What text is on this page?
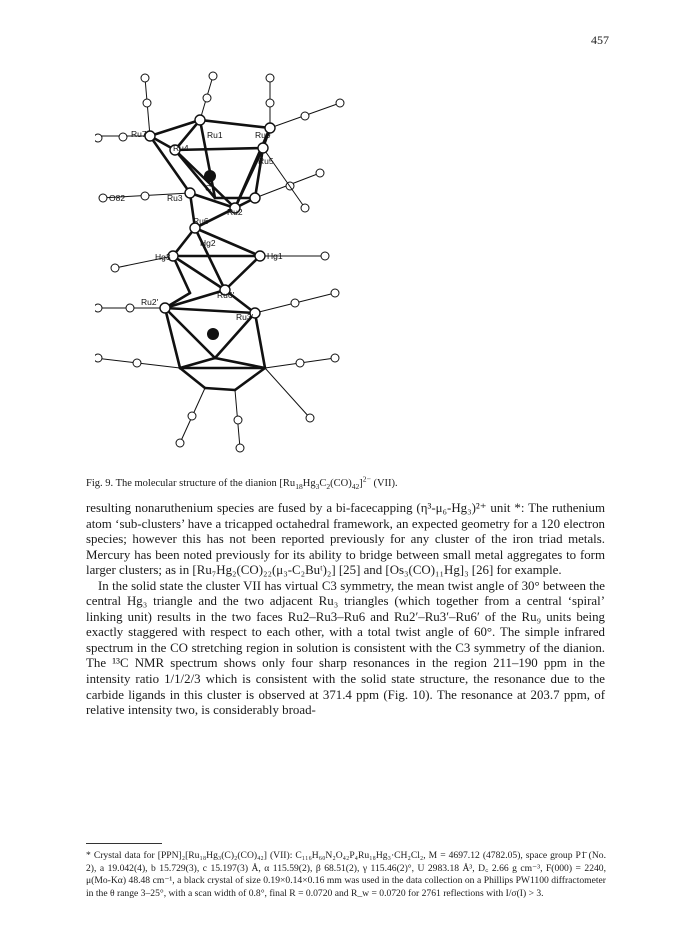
457
Ru7	Ru1	Ru9
Ru4
Ru5
C
O82	Ru3
Ru2
Ru6
Hg2
Hg3	Hg1
Ru6'
Ru2'
Ru3'
Fig. 9. The molecular structure of the dianion $[Ru_{18}Hg_3C_2(CO)_{42}]^{2-}$ (VII).

resulting nonaruthenium species are fused by a bi-facecapping (η³-μ₆-Hg₃)²⁺ unit *: The ruthenium atom ‘sub-clusters’ have a tricapped octahedral framework, an expected geometry for a 120 electron species; however this has not been reported previously for any cluster of the iron triad metals. Mercury has been noted previously for its ability to bridge between small metal aggregates to form larger clusters; as in [Ru₇Hg₂(CO)₂₂(μ₃-C₂Buᵗ)₂] [25] and [Os₃(CO)₁₁Hg]₃ [26] for example.

In the solid state the cluster VII has virtual C3 symmetry, the mean twist angle of 30° between the central Hg₃ triangle and the two adjacent Ru₃ triangles (which together from a central ‘spiral’ linking unit) results in the two faces Ru2–Ru3–Ru6 and Ru2′–Ru3′–Ru6′ of the Ru₉ units being exactly staggered with respect to each other, with a total twist angle of 60°. The simple infrared spectrum in the CO stretching region in solution is consistent with the C3 symmetry of the dianion. The ¹³C NMR spectrum shows only four sharp resonances in the region 211–190 ppm in the intensity ratio 1/1/2/3 which is consistent with the solid state structure, the resonance due to the carbide ligands in this cluster is observed at 371.4 ppm (Fig. 10). The resonance at 203.7 ppm, of relative intensity two, is considerably broad-

* Crystal data for [PPN]₂[Ru₁₈Hg₃(C)₂(CO)₄₂] (VII): C₁₁₆H₆₀N₂O₄₂P₄Ru₁₈Hg₃·CH₂Cl₂, M = 4697.12 (4782.05), space group P1̄ (No. 2), a 19.042(4), b 15.729(3), c 15.197(3) Å, α 115.59(2), β 68.51(2), γ 115.46(2)°, U 2983.18 Å³, D꜀ 2.66 g cm⁻³, F(000) = 2240, μ(Mo-Kα) 48.48 cm⁻¹, a black crystal of size 0.19×0.14×0.16 mm was used in the data collection on a Phillips PW1100 diffractometer in the θ range 3–25°, with a scan width of 0.8°, final R = 0.0720 and R_w = 0.0720 for 2761 reflections with I/σ(I) > 3.
